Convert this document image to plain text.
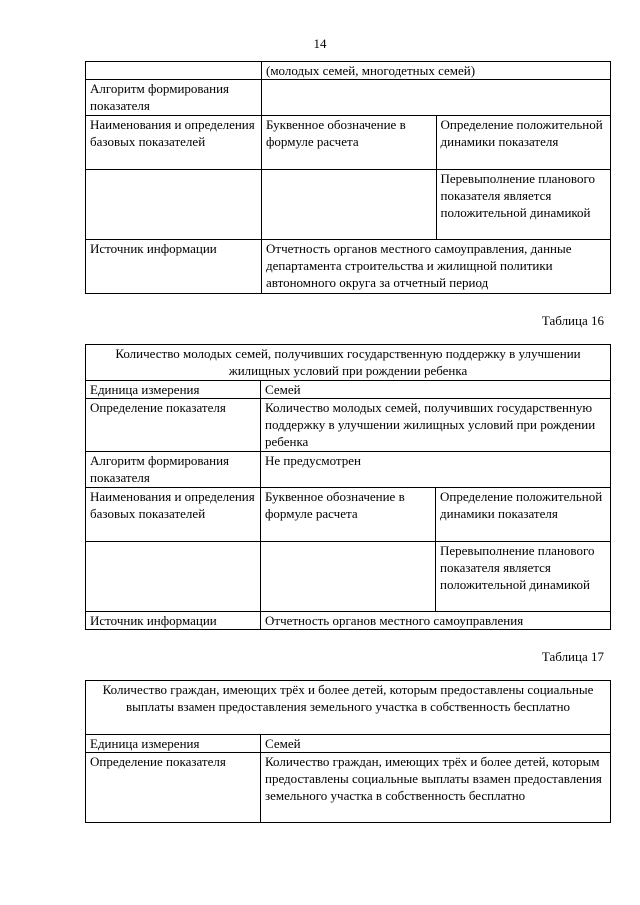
14
	(молодых семей, многодетных семей)	
Алгоритм формирования показателя		
Наименования и определения базовых показателей	Буквенное обозначение в формуле расчета	Определение положительной динамики показателя
		Перевыполнение планового показателя является положительной динамикой
Источник информации	Отчетность органов местного самоуправления, данные департамента строительства и жилищной политики автономного округа за отчетный период	
Таблица 16
Количество молодых семей, получивших государственную поддержку в улучшении жилищных условий при рождении ребенка		
Единица измерения	Семей	
Определение показателя	Количество молодых семей, получивших государственную поддержку в улучшении жилищных условий при рождении ребенка	
Алгоритм формирования показателя	Не предусмотрен	
Наименования и определения базовых показателей	Буквенное обозначение в формуле расчета	Определение положительной динамики показателя
		Перевыполнение планового показателя является положительной динамикой
Источник информации	Отчетность органов местного самоуправления	
Таблица 17
Количество граждан, имеющих трёх и более детей, которым предоставлены социальные выплаты взамен предоставления земельного участка в собственность бесплатно	
Единица измерения	Семей
Определение показателя	Количество граждан, имеющих трёх и более детей, которым предоставлены социальные выплаты взамен предоставления земельного участка в собственность бесплатно
